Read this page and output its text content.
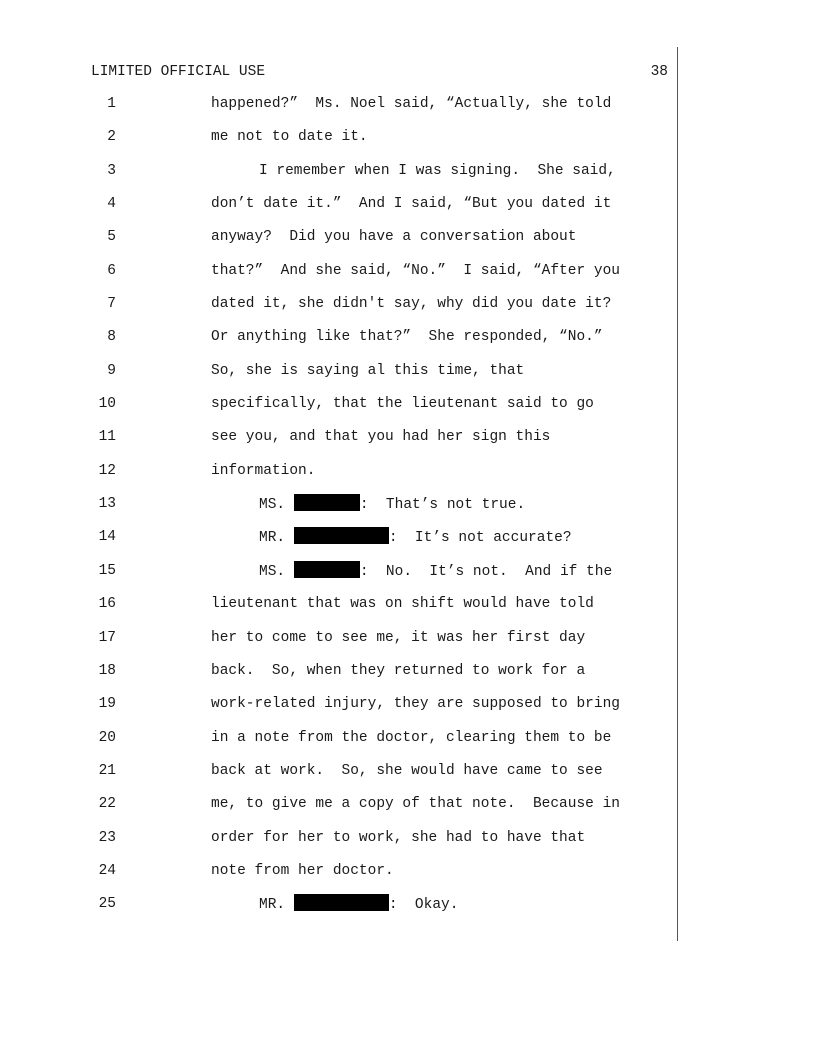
LIMITED OFFICIAL USE	38
1	happened?”  Ms. Noel said, “Actually, she told
2	me not to date it.
3	I remember when I was signing.  She said,
4	don’t date it.”  And I said, “But you dated it
5	anyway?  Did you have a conversation about
6	that?”  And she said, “No.”  I said, “After you
7	dated it, she didn't say, why did you date it?
8	Or anything like that?”  She responded, “No.”
9	So, she is saying al this time, that
10	specifically, that the lieutenant said to go
11	see you, and that you had her sign this
12	information.
13	MS.	:  That’s not true.
14	MR.	:  It’s not accurate?
15	MS.	:  No.  It’s not.  And if the
16	lieutenant that was on shift would have told
17	her to come to see me, it was her first day
18	back.  So, when they returned to work for a
19	work-related injury, they are supposed to bring
20	in a note from the doctor, clearing them to be
21	back at work.  So, she would have came to see
22	me, to give me a copy of that note.  Because in
23	order for her to work, she had to have that
24	note from her doctor.
25	MR.	:  Okay.
